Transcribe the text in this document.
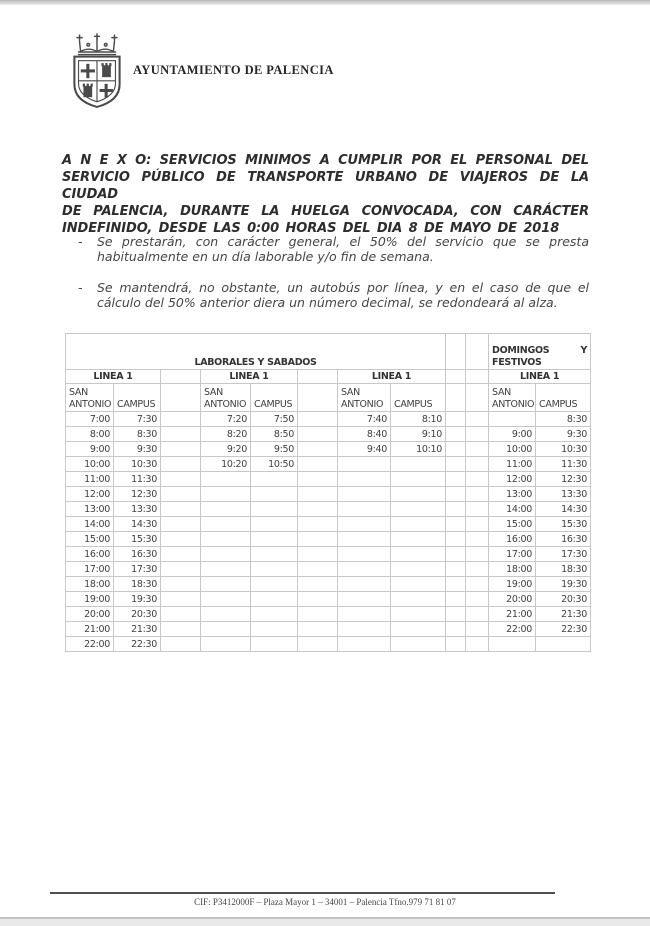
AYUNTAMIENTO DE PALENCIA
A N E X O: SERVICIOS MINIMOS A CUMPLIR POR EL PERSONAL DEL
SERVICIO PÚBLICO DE TRANSPORTE URBANO DE VIAJEROS DE LA CIUDAD
DE PALENCIA, DURANTE LA HUELGA CONVOCADA, CON CARÁCTER
INDEFINIDO, DESDE LAS 0:00 HORAS DEL DIA 8 DE MAYO DE 2018
-	Se prestarán, con carácter general, el 50% del servicio que se presta
habitualmente en un día laborable y/o fin de semana.
-	Se mantendrá, no obstante, un autobús por línea, y en el caso de que el
cálculo del 50% anterior diera un número decimal, se redondeará al alza.
LABORALES Y SABADOS										DOMINGOS Y FESTIVOS	
LINEA 1			LINEA 1			LINEA 1				LINEA 1	
SAN ANTONIO	CAMPUS		SAN ANTONIO	CAMPUS		SAN ANTONIO	CAMPUS			SAN ANTONIO	CAMPUS
7:00	7:30		7:20	7:50		7:40	8:10				8:30
8:00	8:30		8:20	8:50		8:40	9:10			9:00	9:30
9:00	9:30		9:20	9:50		9:40	10:10			10:00	10:30
10:00	10:30		10:20	10:50						11:00	11:30
11:00	11:30									12:00	12:30
12:00	12:30									13:00	13:30
13:00	13:30									14:00	14:30
14:00	14:30									15:00	15:30
15:00	15:30									16:00	16:30
16:00	16:30									17:00	17:30
17:00	17:30									18:00	18:30
18:00	18:30									19:00	19:30
19:00	19:30									20:00	20:30
20:00	20:30									21:00	21:30
21:00	21:30									22:00	22:30
22:00	22:30										
CIF: P3412000F – Plaza Mayor 1 – 34001 – Palencia Tfno.979 71 81 07
